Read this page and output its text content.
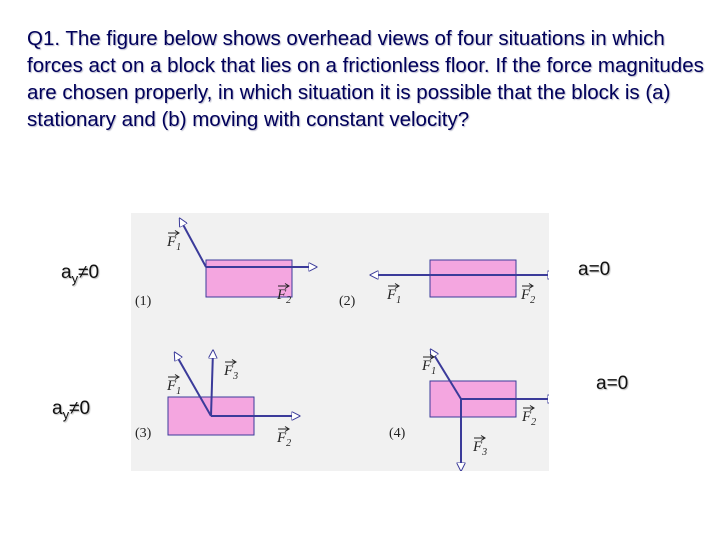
Q1. The figure below shows overhead views of four situations in which forces act on a block that lies on a frictionless floor. If the force magnitudes are chosen properly, in which situation it is possible that the block is (a) stationary and (b) moving with constant velocity?

$F_1$
$F_2$
(1)	$F_1$	$F_2$
(2)
$F_1$
$F_3$
$F_2$
(3)
$F_1$
$F_2$
$F_3$
(4)
$a_y\ne 0$	a=0
$a_y\ne 0$
a=0
